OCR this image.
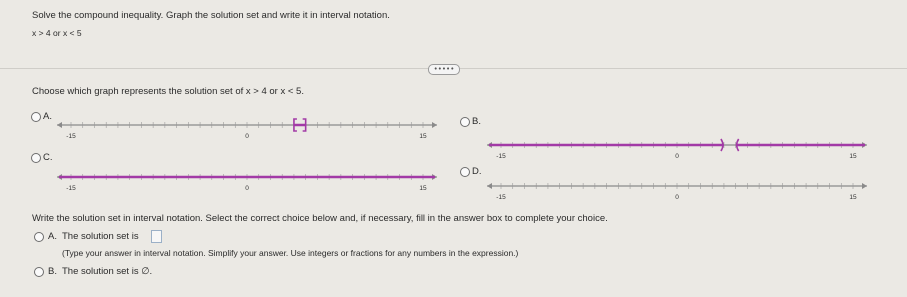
Solve the compound inequality. Graph the solution set and write it in interval notation.
x > 4 or x < 5
•••••
Choose which graph represents the solution set of x > 4 or x < 5.
A.
-15	0	15
B.
-15	0	15
C.
-15	0	15
D.
-15	0	15
Write the solution set in interval notation. Select the correct choice below and, if necessary, fill in the answer box to complete your choice.
A. The solution set is
(Type your answer in interval notation. Simplify your answer. Use integers or fractions for any numbers in the expression.)
B. The solution set is ∅.
